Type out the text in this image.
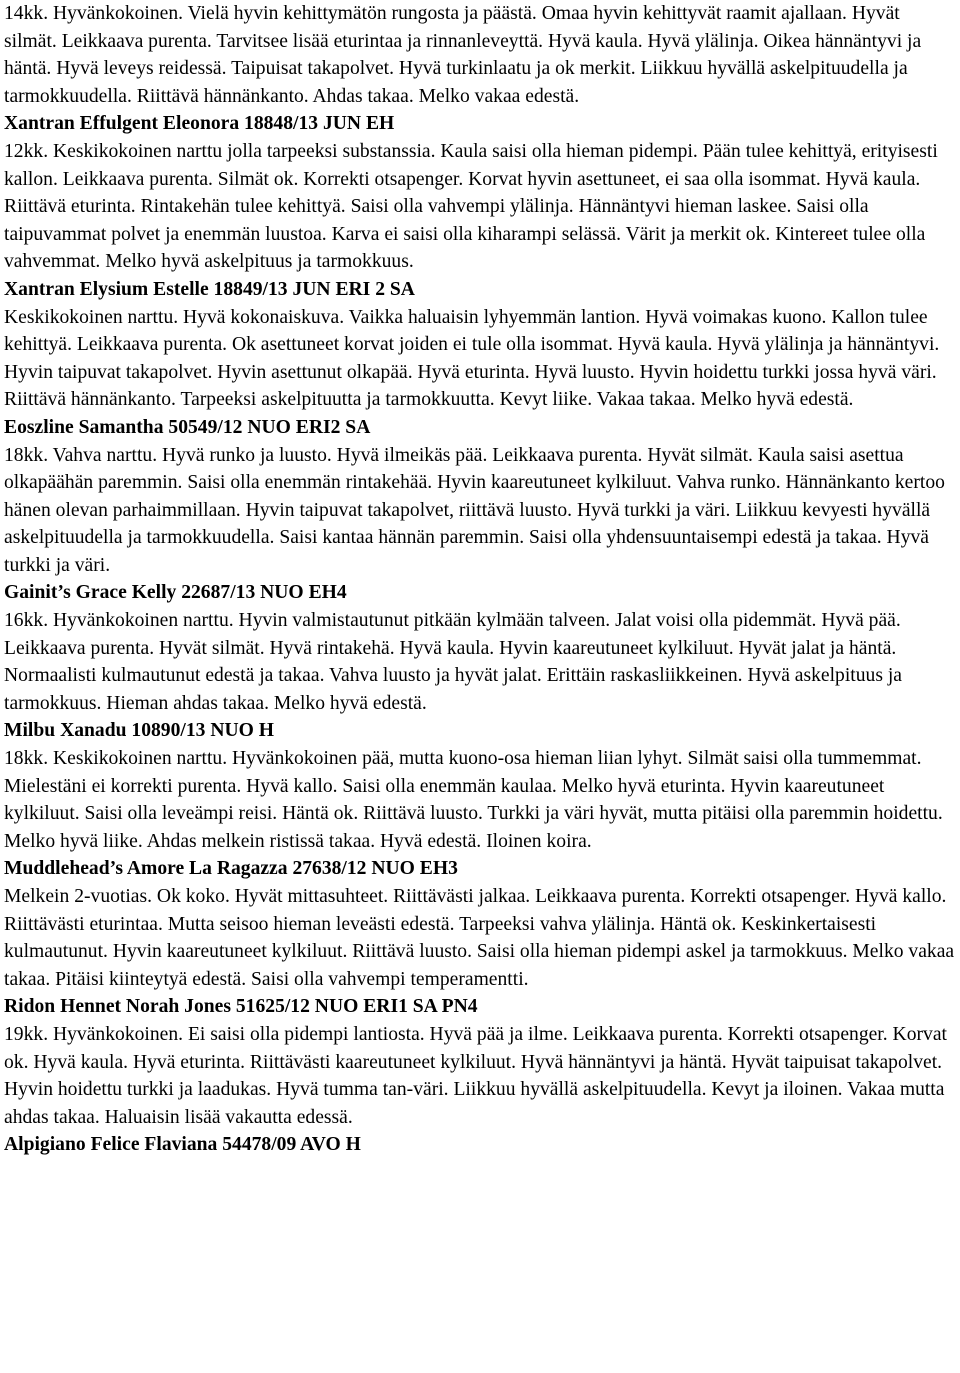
14kk. Hyvänkokoinen. Vielä hyvin kehittymätön rungosta ja päästä. Omaa hyvin kehittyvät raamit ajallaan. Hyvät silmät. Leikkaava purenta. Tarvitsee lisää eturintaa ja rinnanleveyttä. Hyvä kaula. Hyvä ylälinja. Oikea hännäntyvi ja häntä. Hyvä leveys reidessä. Taipuisat takapolvet. Hyvä turkinlaatu ja ok merkit. Liikkuu hyvällä askelpituudella ja tarmokkuudella. Riittävä hännänkanto. Ahdas takaa. Melko vakaa edestä.

Xantran Effulgent Eleonora 18848/13 JUN EH

12kk. Keskikokoinen narttu jolla tarpeeksi substanssia. Kaula saisi olla hieman pidempi. Pään tulee kehittyä, erityisesti kallon. Leikkaava purenta. Silmät ok. Korrekti otsapenger. Korvat hyvin asettuneet, ei saa olla isommat. Hyvä kaula. Riittävä eturinta. Rintakehän tulee kehittyä. Saisi olla vahvempi ylälinja. Hännäntyvi hieman laskee. Saisi olla taipuvammat polvet ja enemmän luustoa. Karva ei saisi olla kiharampi selässä. Värit ja merkit ok. Kintereet tulee olla vahvemmat. Melko hyvä askelpituus ja tarmokkuus.

Xantran Elysium Estelle 18849/13 JUN ERI 2 SA

Keskikokoinen narttu. Hyvä kokonaiskuva. Vaikka haluaisin lyhyemmän lantion. Hyvä voimakas kuono. Kallon tulee kehittyä. Leikkaava purenta. Ok asettuneet korvat joiden ei tule olla isommat. Hyvä kaula. Hyvä ylälinja ja hännäntyvi. Hyvin taipuvat takapolvet. Hyvin asettunut olkapää. Hyvä eturinta. Hyvä luusto. Hyvin hoidettu turkki jossa hyvä väri. Riittävä hännänkanto. Tarpeeksi askelpituutta ja tarmokkuutta. Kevyt liike. Vakaa takaa. Melko hyvä edestä.

Eoszline Samantha 50549/12 NUO ERI2 SA

18kk. Vahva narttu. Hyvä runko ja luusto. Hyvä ilmeikäs pää. Leikkaava purenta. Hyvät silmät. Kaula saisi asettua olkapäähän paremmin. Saisi olla enemmän rintakehää. Hyvin kaareutuneet kylkiluut. Vahva runko. Hännänkanto kertoo hänen olevan parhaimmillaan. Hyvin taipuvat takapolvet, riittävä luusto. Hyvä turkki ja väri. Liikkuu kevyesti hyvällä askelpituudella ja tarmokkuudella. Saisi kantaa hännän paremmin. Saisi olla yhdensuuntaisempi edestä ja takaa. Hyvä turkki ja väri.

Gainit’s Grace Kelly 22687/13 NUO EH4

16kk. Hyvänkokoinen narttu. Hyvin valmistautunut pitkään kylmään talveen. Jalat voisi olla pidemmät. Hyvä pää. Leikkaava purenta. Hyvät silmät. Hyvä rintakehä. Hyvä kaula. Hyvin kaareutuneet kylkiluut. Hyvät jalat ja häntä. Normaalisti kulmautunut edestä ja takaa. Vahva luusto ja hyvät jalat. Erittäin raskasliikkeinen. Hyvä askelpituus ja tarmokkuus. Hieman ahdas takaa. Melko hyvä edestä.

Milbu Xanadu 10890/13 NUO H

18kk. Keskikokoinen narttu. Hyvänkokoinen pää, mutta kuono-osa hieman liian lyhyt. Silmät saisi olla tummemmat. Mielestäni ei korrekti purenta. Hyvä kallo. Saisi olla enemmän kaulaa. Melko hyvä eturinta. Hyvin kaareutuneet kylkiluut. Saisi olla leveämpi reisi. Häntä ok. Riittävä luusto. Turkki ja väri hyvät, mutta pitäisi olla paremmin hoidettu. Melko hyvä liike. Ahdas melkein ristissä takaa. Hyvä edestä. Iloinen koira.

Muddlehead’s Amore La Ragazza 27638/12 NUO EH3

Melkein 2-vuotias. Ok koko. Hyvät mittasuhteet. Riittävästi jalkaa. Leikkaava purenta. Korrekti otsapenger. Hyvä kallo. Riittävästi eturintaa. Mutta seisoo hieman leveästi edestä. Tarpeeksi vahva ylälinja. Häntä ok. Keskinkertaisesti kulmautunut. Hyvin kaareutuneet kylkiluut. Riittävä luusto. Saisi olla hieman pidempi askel ja tarmokkuus. Melko vakaa takaa. Pitäisi kiinteytyä edestä. Saisi olla vahvempi temperamentti.

Ridon Hennet Norah Jones 51625/12 NUO ERI1 SA PN4

19kk. Hyvänkokoinen. Ei saisi olla pidempi lantiosta. Hyvä pää ja ilme. Leikkaava purenta. Korrekti otsapenger. Korvat ok. Hyvä kaula. Hyvä eturinta. Riittävästi kaareutuneet kylkiluut. Hyvä hännäntyvi ja häntä. Hyvät taipuisat takapolvet. Hyvin hoidettu turkki ja laadukas. Hyvä tumma tan-väri. Liikkuu hyvällä askelpituudella. Kevyt ja iloinen. Vakaa mutta ahdas takaa. Haluaisin lisää vakautta edessä.

Alpigiano Felice Flaviana 54478/09 AVO H
